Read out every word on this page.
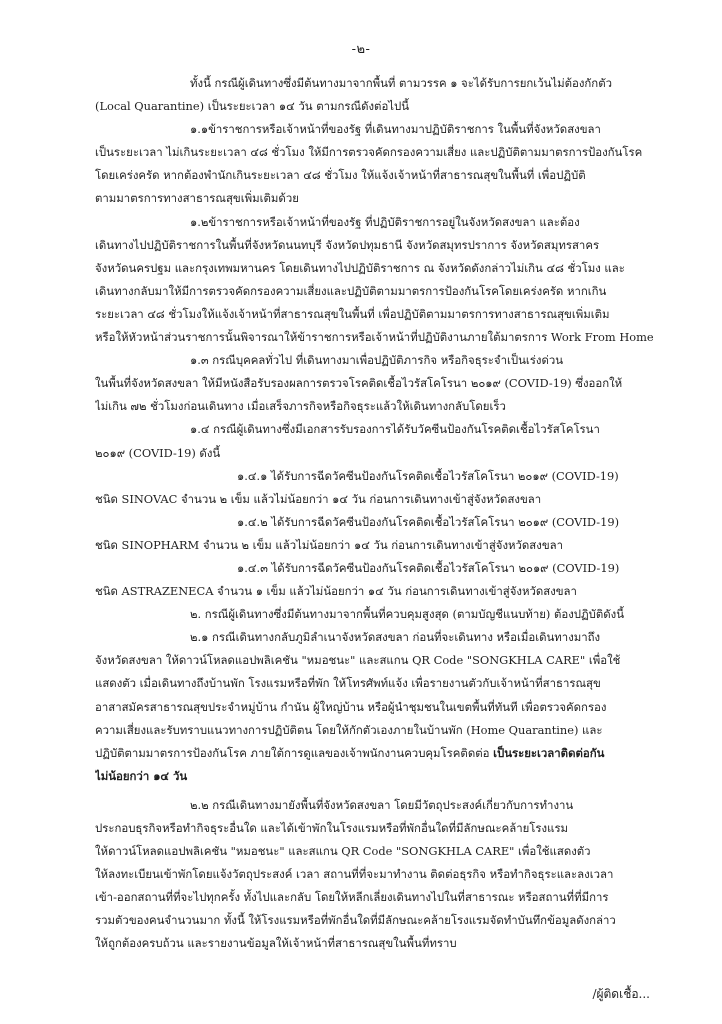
-๒-
ทั้งนี้ กรณีผู้เดินทางซึ่งมีต้นทางมาจากพื้นที่ ตามวรรค ๑ จะได้รับการยกเว้นไม่ต้องกักตัว
(Local Quarantine) เป็นระยะเวลา ๑๔ วัน ตามกรณีดังต่อไปนี้
๑.๑ข้าราชการหรือเจ้าหน้าที่ของรัฐ ที่เดินทางมาปฏิบัติราชการ ในพื้นที่จังหวัดสงขลา
เป็นระยะเวลา ไม่เกินระยะเวลา ๔๘ ชั่วโมง ให้มีการตรวจคัดกรองความเสี่ยง และปฏิบัติตามมาตรการป้องกันโรค
โดยเคร่งครัด หากต้องพำนักเกินระยะเวลา ๔๘ ชั่วโมง ให้แจ้งเจ้าหน้าที่สาธารณสุขในพื้นที่ เพื่อปฏิบัติ
ตามมาตรการทางสาธารณสุขเพิ่มเติมด้วย
๑.๒ข้าราชการหรือเจ้าหน้าที่ของรัฐ ที่ปฏิบัติราชการอยู่ในจังหวัดสงขลา และต้อง
เดินทางไปปฏิบัติราชการในพื้นที่จังหวัดนนทบุรี จังหวัดปทุมธานี จังหวัดสมุทรปราการ จังหวัดสมุทรสาคร
จังหวัดนครปฐม และกรุงเทพมหานคร โดยเดินทางไปปฏิบัติราชการ ณ จังหวัดดังกล่าวไม่เกิน ๔๘ ชั่วโมง และ
เดินทางกลับมาให้มีการตรวจคัดกรองความเสี่ยงและปฏิบัติตามมาตรการป้องกันโรคโดยเคร่งครัด หากเกิน
ระยะเวลา ๔๘ ชั่วโมงให้แจ้งเจ้าหน้าที่สาธารณสุขในพื้นที่ เพื่อปฏิบัติตามมาตรการทางสาธารณสุขเพิ่มเติม
หรือให้หัวหน้าส่วนราชการนั้นพิจารณาให้ข้าราชการหรือเจ้าหน้าที่ปฏิบัติงานภายใต้มาตรการ Work From Home
๑.๓ กรณีบุคคลทั่วไป ที่เดินทางมาเพื่อปฏิบัติภารกิจ หรือกิจธุระจำเป็นเร่งด่วน
ในพื้นที่จังหวัดสงขลา ให้มีหนังสือรับรองผลการตรวจโรคติดเชื้อไวรัสโคโรนา ๒๐๑๙ (COVID-19) ซึ่งออกให้
ไม่เกิน ๗๒ ชั่วโมงก่อนเดินทาง เมื่อเสร็จภารกิจหรือกิจธุระแล้วให้เดินทางกลับโดยเร็ว
๑.๔ กรณีผู้เดินทางซึ่งมีเอกสารรับรองการได้รับวัคซีนป้องกันโรคติดเชื้อไวรัสโคโรนา
๒๐๑๙ (COVID-19) ดังนี้
๑.๔.๑ ได้รับการฉีดวัคซีนป้องกันโรคติดเชื้อไวรัสโคโรนา ๒๐๑๙ (COVID-19)
ชนิด SINOVAC จำนวน ๒ เข็ม แล้วไม่น้อยกว่า ๑๔ วัน ก่อนการเดินทางเข้าสู่จังหวัดสงขลา
๑.๔.๒ ได้รับการฉีดวัคซีนป้องกันโรคติดเชื้อไวรัสโคโรนา ๒๐๑๙ (COVID-19)
ชนิด SINOPHARM จำนวน ๒ เข็ม แล้วไม่น้อยกว่า ๑๔ วัน ก่อนการเดินทางเข้าสู่จังหวัดสงขลา
๑.๔.๓ ได้รับการฉีดวัคซีนป้องกันโรคติดเชื้อไวรัสโคโรนา ๒๐๑๙ (COVID-19)
ชนิด ASTRAZENECA จำนวน ๑ เข็ม แล้วไม่น้อยกว่า ๑๔ วัน ก่อนการเดินทางเข้าสู่จังหวัดสงขลา
๒. กรณีผู้เดินทางซึ่งมีต้นทางมาจากพื้นที่ควบคุมสูงสุด (ตามบัญชีแนบท้าย) ต้องปฏิบัติดังนี้
๒.๑ กรณีเดินทางกลับภูมิลำเนาจังหวัดสงขลา ก่อนที่จะเดินทาง หรือเมื่อเดินทางมาถึง
จังหวัดสงขลา ให้ดาวน์โหลดแอปพลิเคชัน "หมอชนะ" และสแกน QR Code "SONGKHLA CARE" เพื่อใช้
แสดงตัว เมื่อเดินทางถึงบ้านพัก โรงแรมหรือที่พัก ให้โทรศัพท์แจ้ง เพื่อรายงานตัวกับเจ้าหน้าที่สาธารณสุข
อาสาสมัครสาธารณสุขประจำหมู่บ้าน กำนัน ผู้ใหญ่บ้าน หรือผู้นำชุมชนในเขตพื้นที่ทันที เพื่อตรวจคัดกรอง
ความเสี่ยงและรับทราบแนวทางการปฏิบัติตน โดยให้กักตัวเองภายในบ้านพัก (Home Quarantine) และ
ปฏิบัติตามมาตรการป้องกันโรค ภายใต้การดูแลของเจ้าพนักงานควบคุมโรคติดต่อ เป็นระยะเวลาติดต่อกัน
ไม่น้อยกว่า ๑๔ วัน
๒.๒ กรณีเดินทางมายังพื้นที่จังหวัดสงขลา โดยมีวัตถุประสงค์เกี่ยวกับการทำงาน
ประกอบธุรกิจหรือทำกิจธุระอื่นใด และได้เข้าพักในโรงแรมหรือที่พักอื่นใดที่มีลักษณะคล้ายโรงแรม
ให้ดาวน์โหลดแอปพลิเคชัน "หมอชนะ" และสแกน QR Code "SONGKHLA CARE" เพื่อใช้แสดงตัว
ให้ลงทะเบียนเข้าพักโดยแจ้งวัตถุประสงค์ เวลา สถานที่ที่จะมาทำงาน ติดต่อธุรกิจ หรือทำกิจธุระและลงเวลา
เข้า-ออกสถานที่ที่จะไปทุกครั้ง ทั้งไปและกลับ โดยให้หลีกเลี่ยงเดินทางไปในที่สาธารณะ หรือสถานที่ที่มีการ
รวมตัวของคนจำนวนมาก ทั้งนี้ ให้โรงแรมหรือที่พักอื่นใดที่มีลักษณะคล้ายโรงแรมจัดทำบันทึกข้อมูลดังกล่าว
ให้ถูกต้องครบถ้วน และรายงานข้อมูลให้เจ้าหน้าที่สาธารณสุขในพื้นที่ทราบ
/ผู้ติดเชื้อ...
